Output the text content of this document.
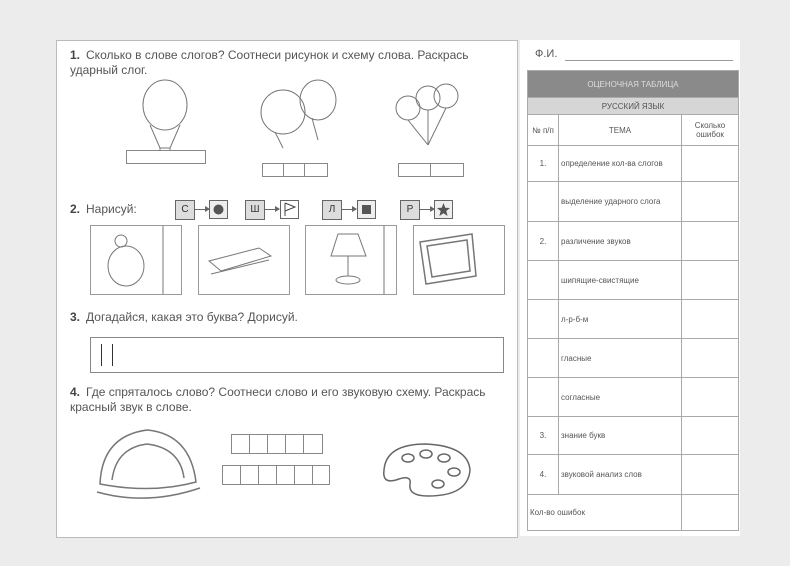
1. Сколько в слове слогов? Соотнеси рисунок и схему слова. Раскрась ударный слог.
2. Нарисуй:	С	Ш	Л	Р
3. Догадайся, какая это буква? Дорисуй.
4. Где спряталось слово? Соотнеси слово и его звуковую схему. Раскрась красный звук в слове.
Ф.И.
ОЦЕНОЧНАЯ ТАБЛИЦА		
РУССКИЙ ЯЗЫК		
№ п/п	ТЕМА	Сколько ошибок
1.	определение кол-ва слогов	
	выделение ударного слога	
2.	различение звуков	
	шипящие-свистящие	
	л-р-б-м	
	гласные	
	согласные	
3.	знание букв	
4.	звуковой анализ слов	
Кол-во ошибок		
